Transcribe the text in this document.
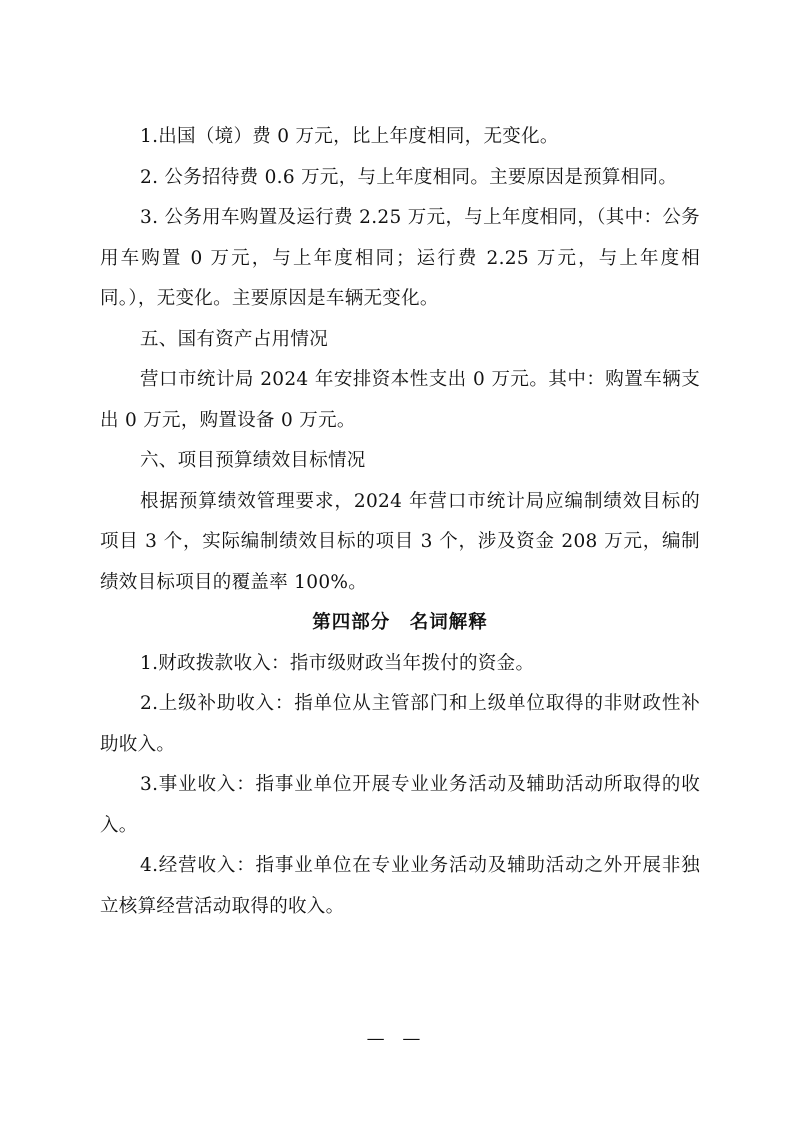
1.出国（境）费 0 万元，比上年度相同，无变化。

2. 公务招待费 0.6 万元，与上年度相同。主要原因是预算相同。

3. 公务用车购置及运行费 2.25 万元，与上年度相同，（其中：公务用车购置 0 万元，与上年度相同；运行费 2.25 万元，与上年度相同。），无变化。主要原因是车辆无变化。

五、国有资产占用情况

营口市统计局 2024 年安排资本性支出 0 万元。其中：购置车辆支出 0 万元，购置设备 0 万元。

六、项目预算绩效目标情况

根据预算绩效管理要求，2024 年营口市统计局应编制绩效目标的项目 3 个，实际编制绩效目标的项目 3 个，涉及资金 208 万元，编制绩效目标项目的覆盖率 100%。

第四部分　名词解释

1.财政拨款收入：指市级财政当年拨付的资金。

2.上级补助收入：指单位从主管部门和上级单位取得的非财政性补助收入。

3.事业收入：指事业单位开展专业业务活动及辅助活动所取得的收入。

4.经营收入：指事业单位在专业业务活动及辅助活动之外开展非独立核算经营活动取得的收入。

— —
